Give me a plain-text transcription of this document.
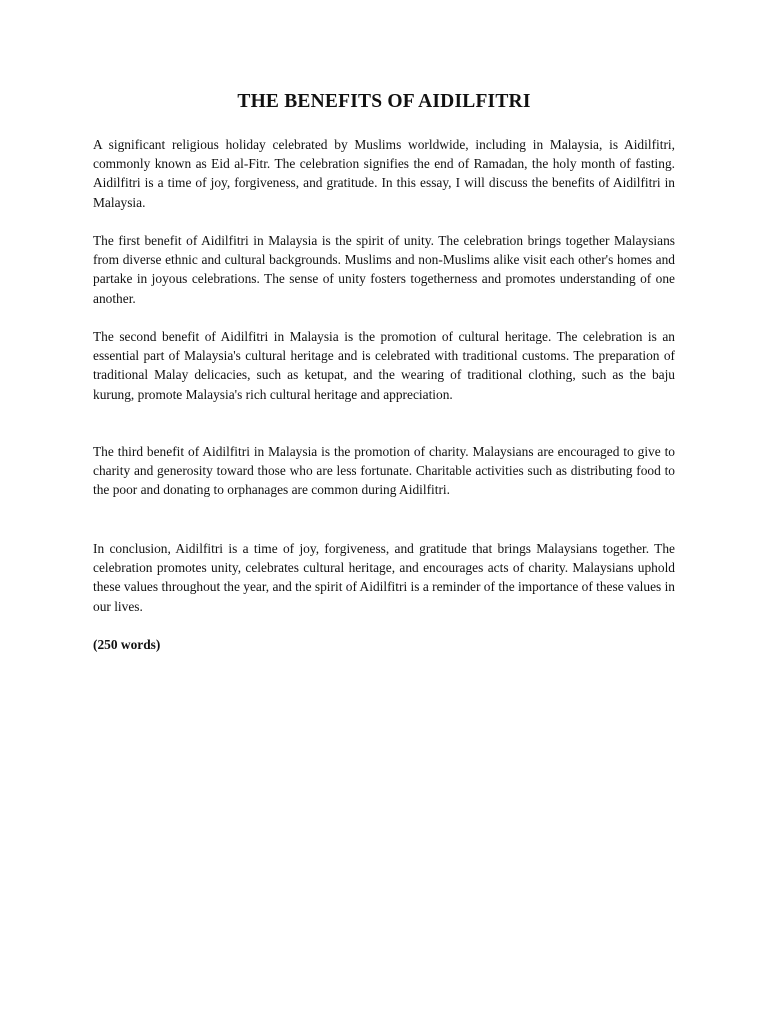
THE BENEFITS OF AIDILFITRI

A significant religious holiday celebrated by Muslims worldwide, including in Malaysia, is Aidilfitri, commonly known as Eid al-Fitr. The celebration signifies the end of Ramadan, the holy month of fasting. Aidilfitri is a time of joy, forgiveness, and gratitude. In this essay, I will discuss the benefits of Aidilfitri in Malaysia.

The first benefit of Aidilfitri in Malaysia is the spirit of unity. The celebration brings together Malaysians from diverse ethnic and cultural backgrounds. Muslims and non-Muslims alike visit each other's homes and partake in joyous celebrations. The sense of unity fosters togetherness and promotes understanding of one another.

The second benefit of Aidilfitri in Malaysia is the promotion of cultural heritage. The celebration is an essential part of Malaysia's cultural heritage and is celebrated with traditional customs. The preparation of traditional Malay delicacies, such as ketupat, and the wearing of traditional clothing, such as the baju kurung, promote Malaysia's rich cultural heritage and appreciation.

The third benefit of Aidilfitri in Malaysia is the promotion of charity. Malaysians are encouraged to give to charity and generosity toward those who are less fortunate. Charitable activities such as distributing food to the poor and donating to orphanages are common during Aidilfitri.

In conclusion, Aidilfitri is a time of joy, forgiveness, and gratitude that brings Malaysians together. The celebration promotes unity, celebrates cultural heritage, and encourages acts of charity. Malaysians uphold these values throughout the year, and the spirit of Aidilfitri is a reminder of the importance of these values in our lives.

(250 words)
